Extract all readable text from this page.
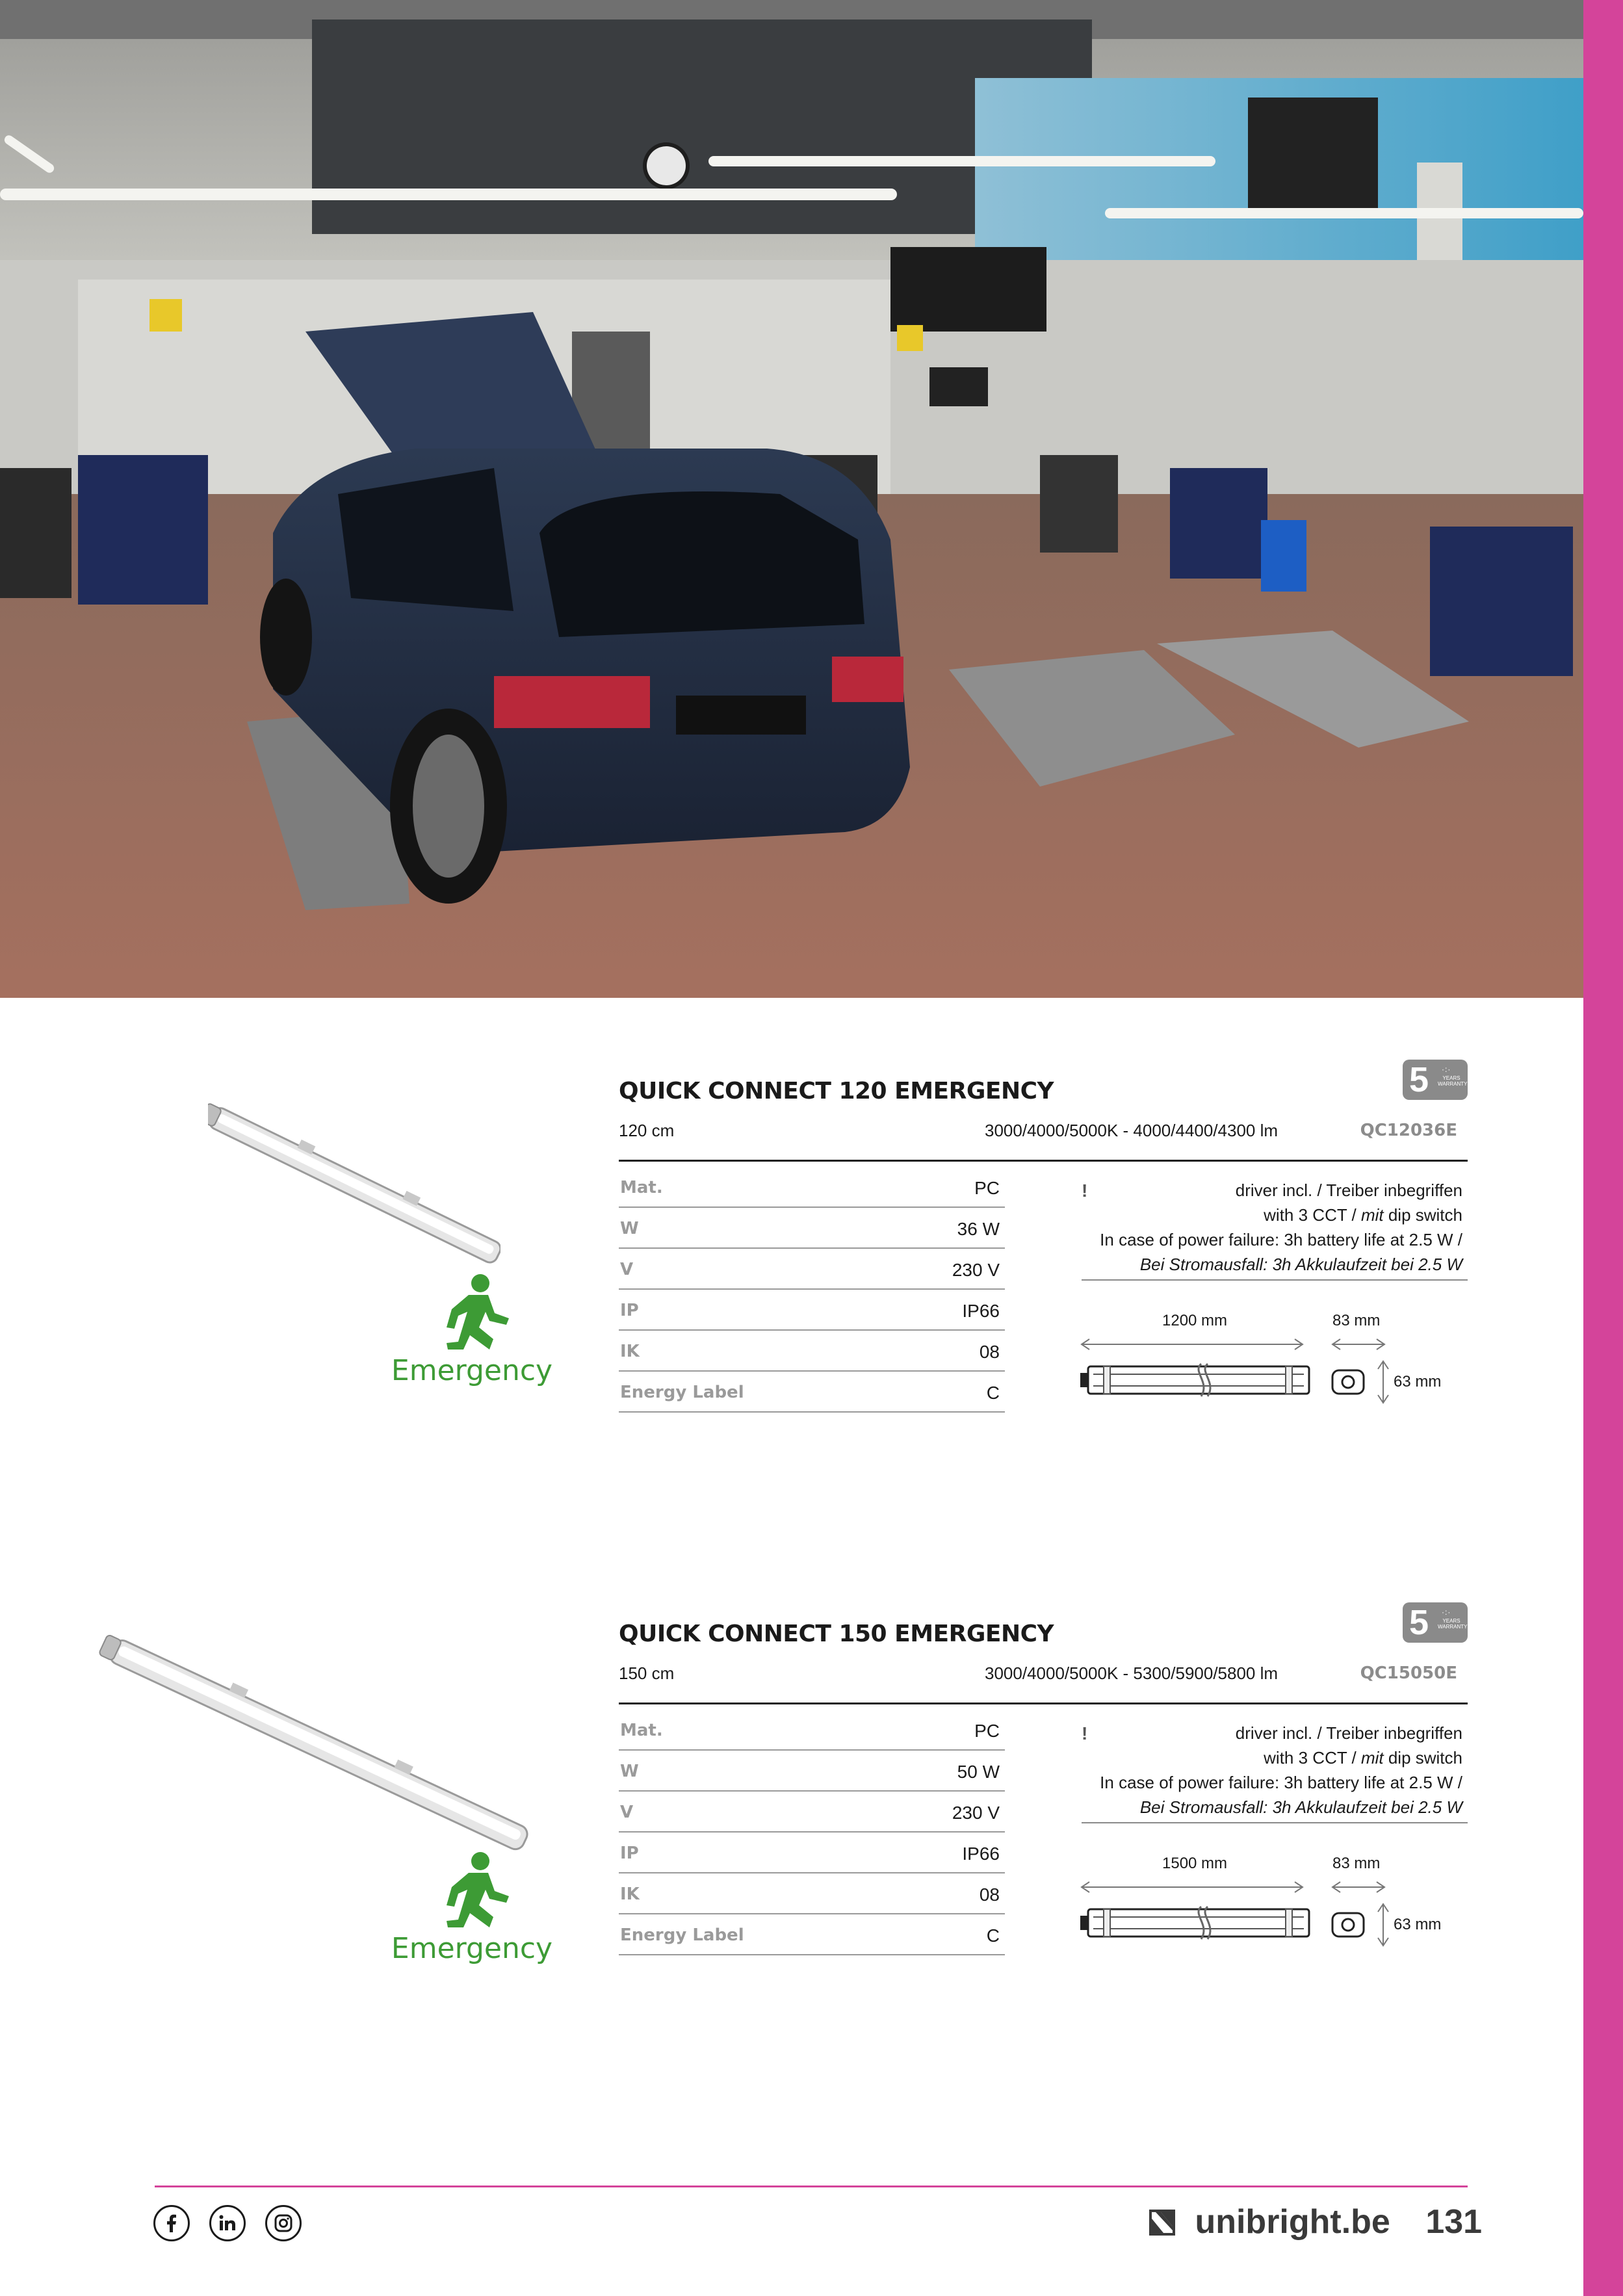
Emergency
QUICK CONNECT 120 EMERGENCY	5 ·:·
YEARS WARRANTY
120 cm	3000/4000/5000K - 4000/4400/4300 lm	QC12036E
Mat.	PC
W	36 W
V	230 V
IP	IP66
IK	08
Energy Label	C
!	driver incl. / Treiber inbegriffen
with 3 CCT / mit dip switch
In case of power failure: 3h battery life at 2.5 W /
Bei Stromausfall: 3h Akkulaufzeit bei 2.5 W
1200 mm	83 mm
63 mm
Emergency
QUICK CONNECT 150 EMERGENCY	5 ·:·
YEARS WARRANTY
150 cm	3000/4000/5000K - 5300/5900/5800 lm	QC15050E
Mat.	PC
W	50 W
V	230 V
IP	IP66
IK	08
Energy Label	C
!	driver incl. / Treiber inbegriffen
with 3 CCT / mit dip switch
In case of power failure: 3h battery life at 2.5 W /
Bei Stromausfall: 3h Akkulaufzeit bei 2.5 W
1500 mm	83 mm
63 mm
unibright.be 131
